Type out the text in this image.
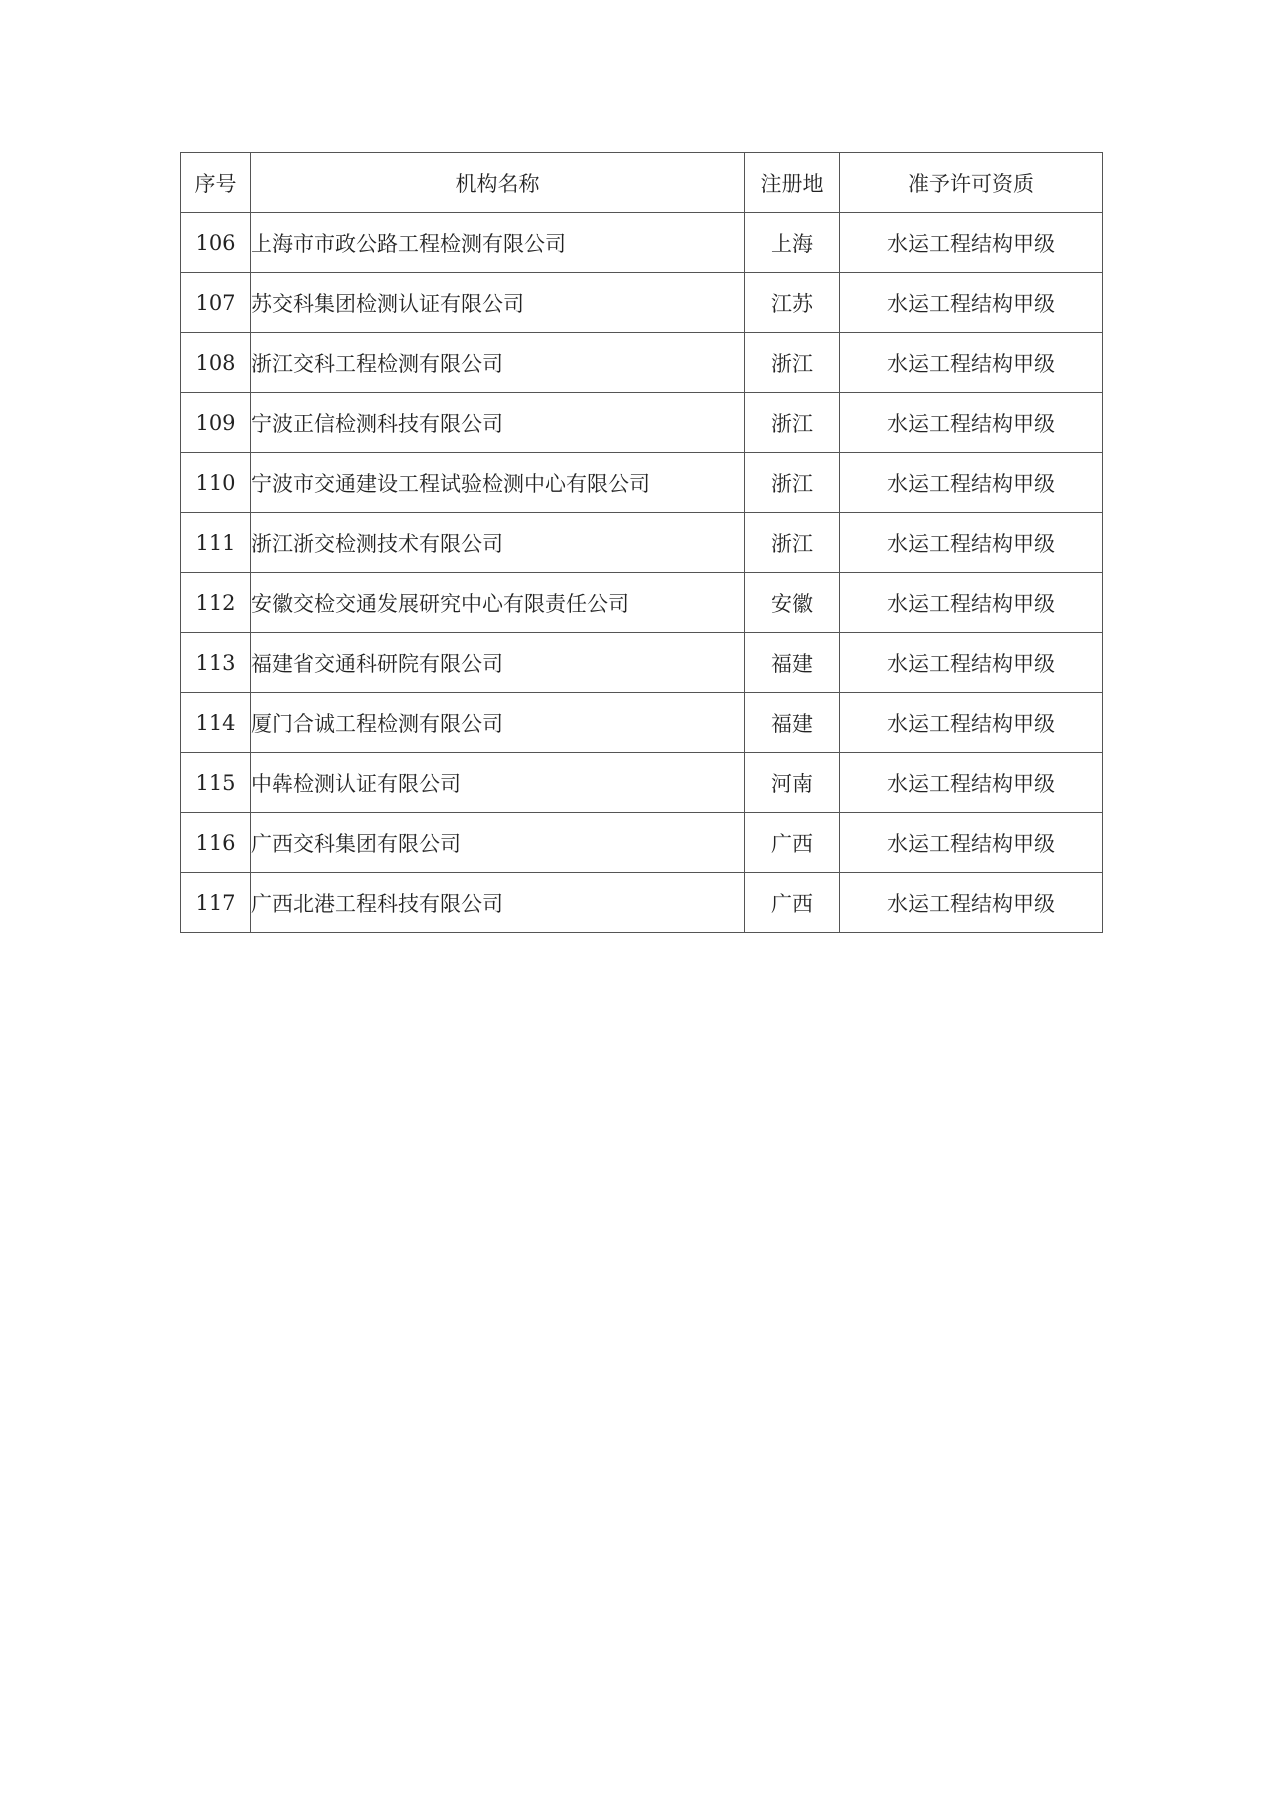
序号	机构名称	注册地	准予许可资质
106	上海市市政公路工程检测有限公司	上海	水运工程结构甲级
107	苏交科集团检测认证有限公司	江苏	水运工程结构甲级
108	浙江交科工程检测有限公司	浙江	水运工程结构甲级
109	宁波正信检测科技有限公司	浙江	水运工程结构甲级
110	宁波市交通建设工程试验检测中心有限公司	浙江	水运工程结构甲级
111	浙江浙交检测技术有限公司	浙江	水运工程结构甲级
112	安徽交检交通发展研究中心有限责任公司	安徽	水运工程结构甲级
113	福建省交通科研院有限公司	福建	水运工程结构甲级
114	厦门合诚工程检测有限公司	福建	水运工程结构甲级
115	中犇检测认证有限公司	河南	水运工程结构甲级
116	广西交科集团有限公司	广西	水运工程结构甲级
117	广西北港工程科技有限公司	广西	水运工程结构甲级
